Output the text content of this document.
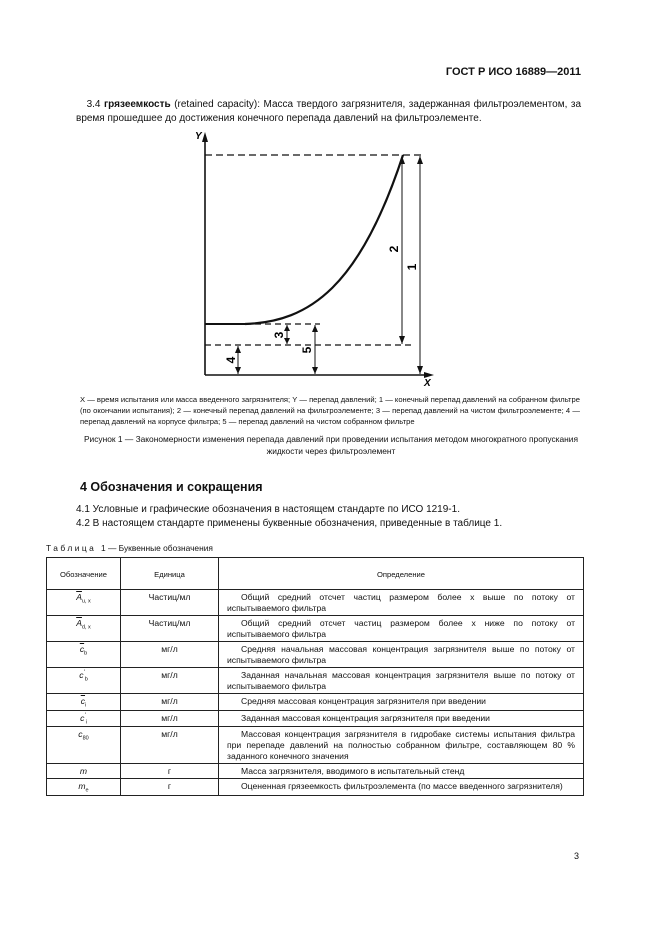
ГОСТ Р ИСО 16889—2011
3.4 грязеемкость (retained capacity): Масса твердого загрязнителя, задержанная фильтроэлементом, за время прошедшее до достижения конечного перепада давлений на фильтроэлементе.
Y
X
1
2
3
4
5
X — время испытания или масса введенного загрязнителя; Y — перепад давлений; 1 — конечный перепад давлений на собранном фильтре (по окончании испытания); 2 — конечный перепад давлений на фильтроэлементе; 3 — перепад давлений на чистом фильтроэлементе; 4 — перепад давлений на корпусе фильтра; 5 — перепад давлений на чистом собранном фильтре
Рисунок 1 — Закономерности изменения перепада давлений при проведении испытания методом многократного пропускания жидкости через фильтроэлемент
4 Обозначения и сокращения
4.1 Условные и графические обозначения в настоящем стандарте по ИСО 1219-1.
4.2 В настоящем стандарте применены буквенные обозначения, приведенные в таблице 1.
Таблица 1 — Буквенные обозначения
Обозначение	Единица	Определение
$\overline{A}_{u, x}$	Частиц/мл	Общий средний отсчет частиц размером более x выше по потоку от испытываемого фильтра

$\overline{A}_{d, x}$	Частиц/мл	Общий средний отсчет частиц размером более x ниже по потоку от испытываемого фильтра

$\overline{c}_b$	мг/л	Средняя начальная массовая концентрация загрязнителя выше по потоку от испытываемого фильтра

$c'_b$	мг/л	Заданная начальная массовая концентрация загрязнителя выше по потоку от испытываемого фильтра

$\overline{c}_i$	мг/л	Средняя массовая концентрация загрязнителя при введении

$c'_i$	мг/л	Заданная массовая концентрация загрязнителя при введении

$c_{80}$	мг/л	Массовая концентрация загрязнителя в гидробаке системы испытания фильтра при перепаде давлений на полностью собранном фильтре, составляющем 80 % заданного конечного значения

m	г	Масса загрязнителя, вводимого в испытательный стенд

$m_e$	г	Оцененная грязеемкость фильтроэлемента (по массе введенного загрязнителя)
3
